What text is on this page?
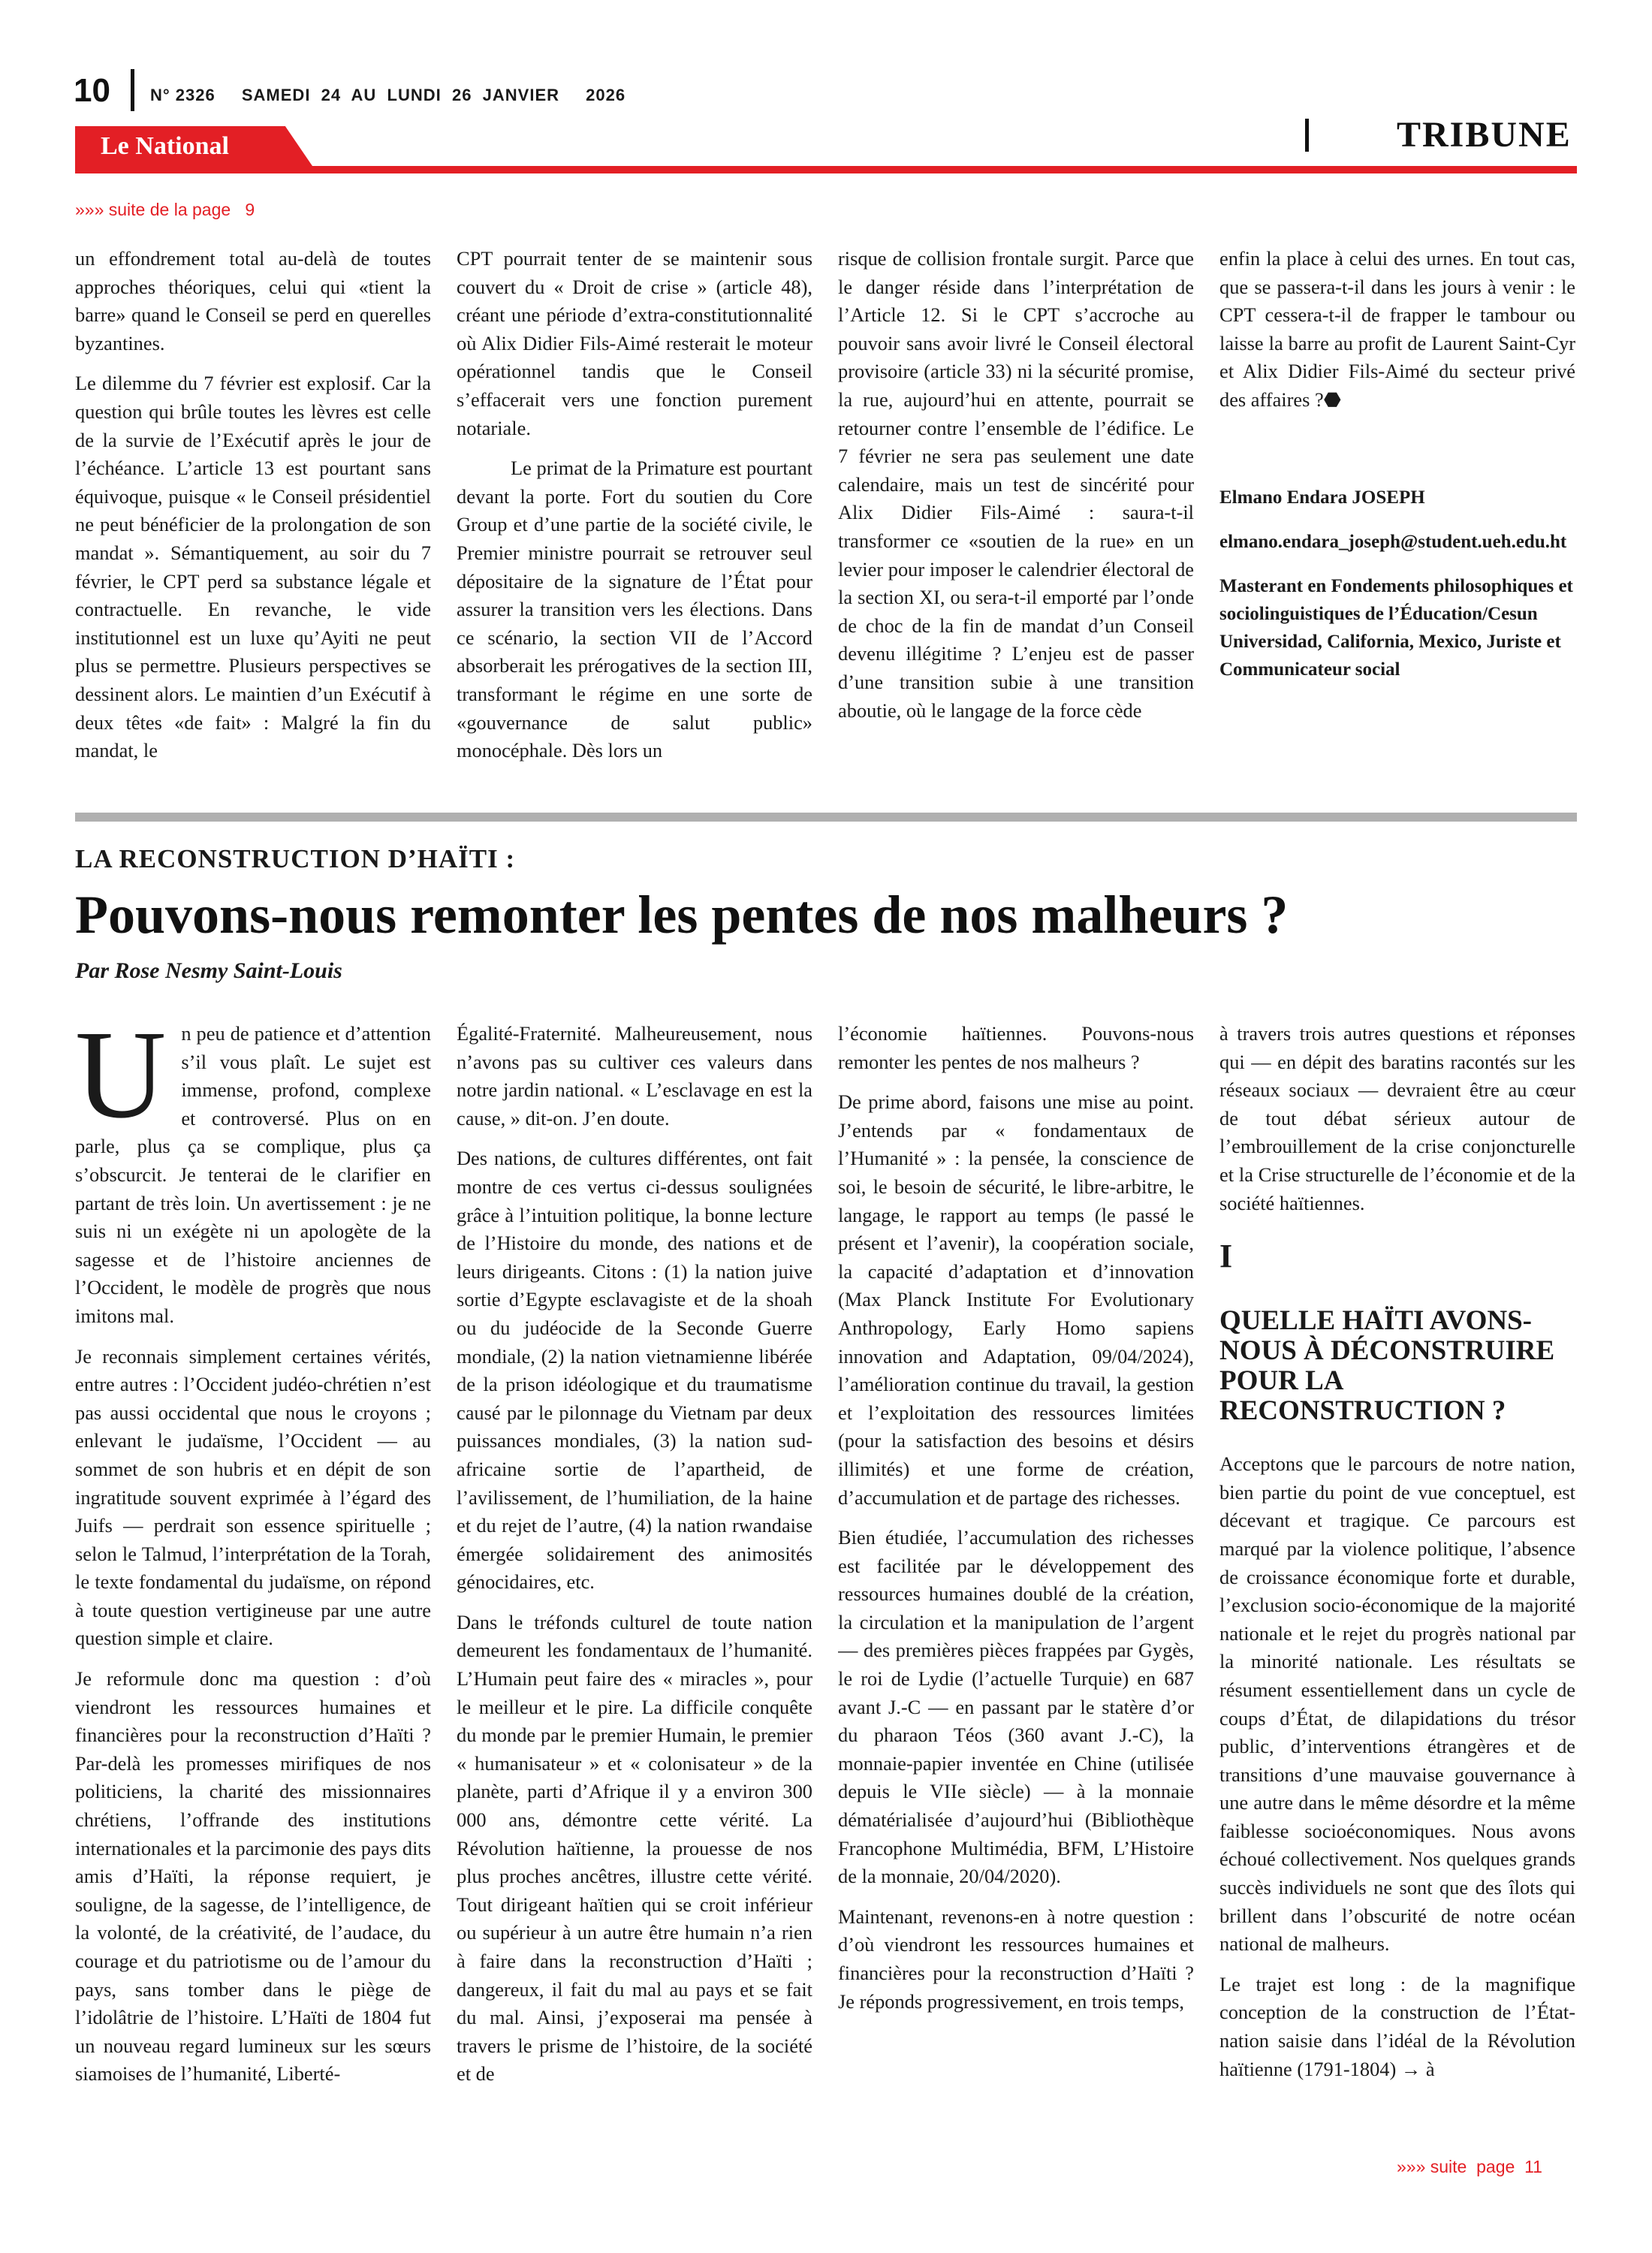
10 N° 2326 SAMEDI  24  AU  LUNDI  26  JANVIER 2026
TRIBUNE
Le National
»»» suite de la page   9

un effondrement total au-delà de toutes approches théoriques, celui qui «tient la barre» quand le Conseil se perd en querelles byzantines.

Le dilemme du 7 février est explosif. Car la question qui brûle toutes les lèvres est celle de la survie de l’Exécutif après le jour de l’échéance. L’article 13 est pourtant sans équivoque, puisque « le Conseil présidentiel ne peut bénéficier de la prolongation de son mandat ». Sémantiquement, au soir du 7 février, le CPT perd sa substance légale et contractuelle. En revanche, le vide institutionnel est un luxe qu’Ayiti ne peut plus se permettre. Plusieurs perspectives se dessinent alors. Le maintien d’un Exécutif à deux têtes «de fait» : Malgré la fin du mandat, le

CPT pourrait tenter de se maintenir sous couvert du « Droit de crise » (article 48), créant une période d’extra-constitutionnalité où Alix Didier Fils-Aimé resterait le moteur opérationnel tandis que le Conseil s’effacerait vers une fonction purement notariale.

Le primat de la Primature est pourtant devant la porte. Fort du soutien du Core Group et d’une partie de la société civile, le Premier ministre pourrait se retrouver seul dépositaire de la signature de l’État pour assurer la transition vers les élections. Dans ce scénario, la section VII de l’Accord absorberait les prérogatives de la section III, transformant le régime en une sorte de «gouvernance de salut public» monocéphale. Dès lors un

risque de collision frontale surgit. Parce que le danger réside dans l’interprétation de l’Article 12. Si le CPT s’accroche au pouvoir sans avoir livré le Conseil électoral provisoire (article 33) ni la sécurité promise, la rue, aujourd’hui en attente, pourrait se retourner contre l’ensemble de l’édifice. Le 7 février ne sera pas seulement une date calendaire, mais un test de sincérité pour Alix Didier Fils-Aimé : saura-t-il transformer ce «soutien de la rue» en un levier pour imposer le calendrier électoral de la section XI, ou sera-t-il emporté par l’onde de choc de la fin de mandat d’un Conseil devenu illégitime ? L’enjeu est de passer d’une transition subie à une transition aboutie, où le langage de la force cède

enfin la place à celui des urnes. En tout cas, que se passera-t-il dans les jours à venir : le CPT cessera-t-il de frapper le tambour ou laisse la barre au profit de Laurent Saint-Cyr et Alix Didier Fils-Aimé du secteur privé des affaires ?⬣

Elmano Endara JOSEPH

elmano.endara_joseph@student.ueh.edu.ht

Masterant en Fondements philosophiques et sociolinguistiques de l’Éducation/Cesun Universidad, California, Mexico, Juriste et Communicateur social

LA RECONSTRUCTION D’HAÏTI :
Pouvons-nous remonter les pentes de nos malheurs ?
Par Rose Nesmy Saint-Louis

Un peu de patience et d’attention s’il vous plaît. Le sujet est immense, profond, complexe et controversé. Plus on en parle, plus ça se complique, plus ça s’obscurcit. Je tenterai de le clarifier en partant de très loin. Un avertissement : je ne suis ni un exégète ni un apologète de la sagesse et de l’histoire anciennes de l’Occident, le modèle de progrès que nous imitons mal.

Je reconnais simplement certaines vérités, entre autres : l’Occident judéo-chrétien n’est pas aussi occidental que nous le croyons ; enlevant le judaïsme, l’Occident — au sommet de son hubris et en dépit de son ingratitude souvent exprimée à l’égard des Juifs — perdrait son essence spirituelle ; selon le Talmud, l’interprétation de la Torah, le texte fondamental du judaïsme, on répond à toute question vertigineuse par une autre question simple et claire.

Je reformule donc ma question : d’où viendront les ressources humaines et financières pour la reconstruction d’Haïti ? Par-delà les promesses mirifiques de nos politiciens, la charité des missionnaires chrétiens, l’offrande des institutions internationales et la parcimonie des pays dits amis d’Haïti, la réponse requiert, je souligne, de la sagesse, de l’intelligence, de la volonté, de la créativité, de l’audace, du courage et du patriotisme ou de l’amour du pays, sans tomber dans le piège de l’idolâtrie de l’histoire. L’Haïti de 1804 fut un nouveau regard lumineux sur les sœurs siamoises de l’humanité, Liberté-

Égalité-Fraternité. Malheureusement, nous n’avons pas su cultiver ces valeurs dans notre jardin national. « L’esclavage en est la cause, » dit-on. J’en doute.

Des nations, de cultures différentes, ont fait montre de ces vertus ci-dessus soulignées grâce à l’intuition politique, la bonne lecture de l’Histoire du monde, des nations et de leurs dirigeants. Citons : (1) la nation juive sortie d’Egypte esclavagiste et de la shoah ou du judéocide de la Seconde Guerre mondiale, (2) la nation vietnamienne libérée de la prison idéologique et du traumatisme causé par le pilonnage du Vietnam par deux puissances mondiales, (3) la nation sud-africaine sortie de l’apartheid, de l’avilissement, de l’humiliation, de la haine et du rejet de l’autre, (4) la nation rwandaise émergée solidairement des animosités génocidaires, etc.

Dans le tréfonds culturel de toute nation demeurent les fondamentaux de l’humanité. L’Humain peut faire des « miracles », pour le meilleur et le pire. La difficile conquête du monde par le premier Humain, le premier « humanisateur » et « colonisateur » de la planète, parti d’Afrique il y a environ 300 000 ans, démontre cette vérité. La Révolution haïtienne, la prouesse de nos plus proches ancêtres, illustre cette vérité. Tout dirigeant haïtien qui se croit inférieur ou supérieur à un autre être humain n’a rien à faire dans la reconstruction d’Haïti ; dangereux, il fait du mal au pays et se fait du mal. Ainsi, j’exposerai ma pensée à travers le prisme de l’histoire, de la société et de

l’économie haïtiennes. Pouvons-nous remonter les pentes de nos malheurs ?

De prime abord, faisons une mise au point. J’entends par « fondamentaux de l’Humanité » : la pensée, la conscience de soi, le besoin de sécurité, le libre-arbitre, le langage, le rapport au temps (le passé le présent et l’avenir), la coopération sociale, la capacité d’adaptation et d’innovation (Max Planck Institute For Evolutionary Anthropology, Early Homo sapiens innovation and Adaptation, 09/04/2024), l’amélioration continue du travail, la gestion et l’exploitation des ressources limitées (pour la satisfaction des besoins et désirs illimités) et une forme de création, d’accumulation et de partage des richesses.

Bien étudiée, l’accumulation des richesses est facilitée par le développement des ressources humaines doublé de la création, la circulation et la manipulation de l’argent — des premières pièces frappées par Gygès, le roi de Lydie (l’actuelle Turquie) en 687 avant J.-C — en passant par le statère d’or du pharaon Téos (360 avant J.-C), la monnaie-papier inventée en Chine (utilisée depuis le VIIe siècle) — à la monnaie dématérialisée d’aujourd’hui (Bibliothèque Francophone Multimédia, BFM, L’Histoire de la monnaie, 20/04/2020).

Maintenant, revenons-en à notre question : d’où viendront les ressources humaines et financières pour la reconstruction d’Haïti ? Je réponds progressivement, en trois temps,

à travers trois autres questions et réponses qui — en dépit des baratins racontés sur les réseaux sociaux — devraient être au cœur de tout débat sérieux autour de l’embrouillement de la crise conjoncturelle et la Crise structurelle de l’économie et de la société haïtiennes.

I
QUELLE HAÏTI AVONS-NOUS À DÉCONSTRUIRE POUR LA RECONSTRUCTION ?

Acceptons que le parcours de notre nation, bien partie du point de vue conceptuel, est décevant et tragique. Ce parcours est marqué par la violence politique, l’absence de croissance économique forte et durable, l’exclusion socio-économique de la majorité nationale et le rejet du progrès national par la minorité nationale. Les résultats se résument essentiellement dans un cycle de coups d’État, de dilapidations du trésor public, d’interventions étrangères et de transitions d’une mauvaise gouvernance à une autre dans le même désordre et la même faiblesse socioéconomiques. Nous avons échoué collectivement. Nos quelques grands succès individuels ne sont que des îlots qui brillent dans l’obscurité de notre océan national de malheurs.

Le trajet est long : de la magnifique conception de la construction de l’État-nation saisie dans l’idéal de la Révolution haïtienne (1791-1804) → à

»»» suite  page  11
